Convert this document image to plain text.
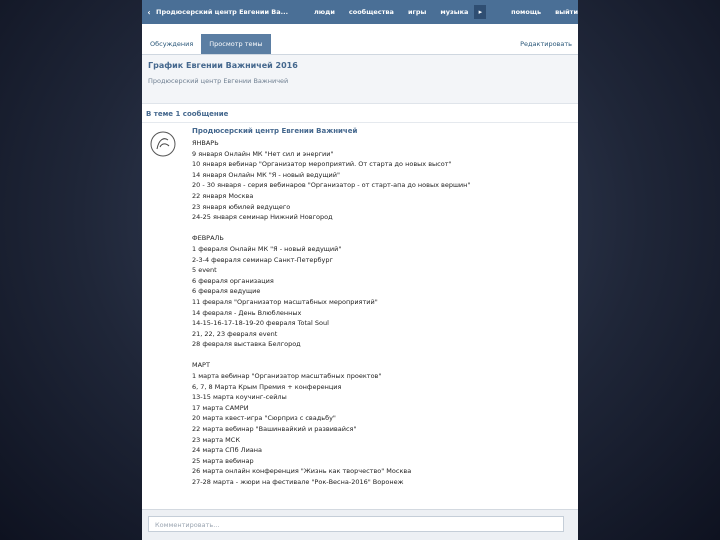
‹ Продюсерский центр Евгении Ва...	люди сообщества игры музыка	▸	помощь выйти
Обсуждения	Просмотр темы	Редактировать
График Евгении Важничей 2016
Продюсерский центр Евгении Важничей
В теме 1 сообщение
Продюсерский центр Евгении Важничей
ЯНВАРЬ
9 января Онлайн МК "Нет сил и энергии"
10 января вебинар "Организатор мероприятий. От старта до новых высот"
14 января Онлайн МК "Я - новый ведущий"
20 - 30 января - серия вебинаров "Организатор - от старт-апа до новых вершин"
22 января Москва
23 января юбилей ведущего
24-25 января семинар Нижний Новгород
ФЕВРАЛЬ
1 февраля Онлайн МК "Я - новый ведущий"
2-3-4 февраля семинар Санкт-Петербург
5 event
6 февраля организация
6 февраля ведущие
11 февраля "Организатор масштабных мероприятий"
14 февраля - День Влюбленных
14-15-16-17-18-19-20 февраля Total Soul
21, 22, 23 февраля event
28 февраля выставка Белгород
МАРТ
1 марта вебинар "Организатор масштабных проектов"
6, 7, 8 Марта Крым Премия + конференция
13-15 марта коучинг-сейлы
17 марта САМРИ
20 марта квест-игра "Сюрприз с свадьбу"
22 марта вебинар "Вашинвайкий и развивайся"
23 марта МСК
24 марта СПб Лиана
25 марта вебинар
26 марта онлайн конференция "Жизнь как творчество" Москва
27-28 марта - жюри на фестивале "Рок-Весна-2016" Воронеж
Комментировать...
